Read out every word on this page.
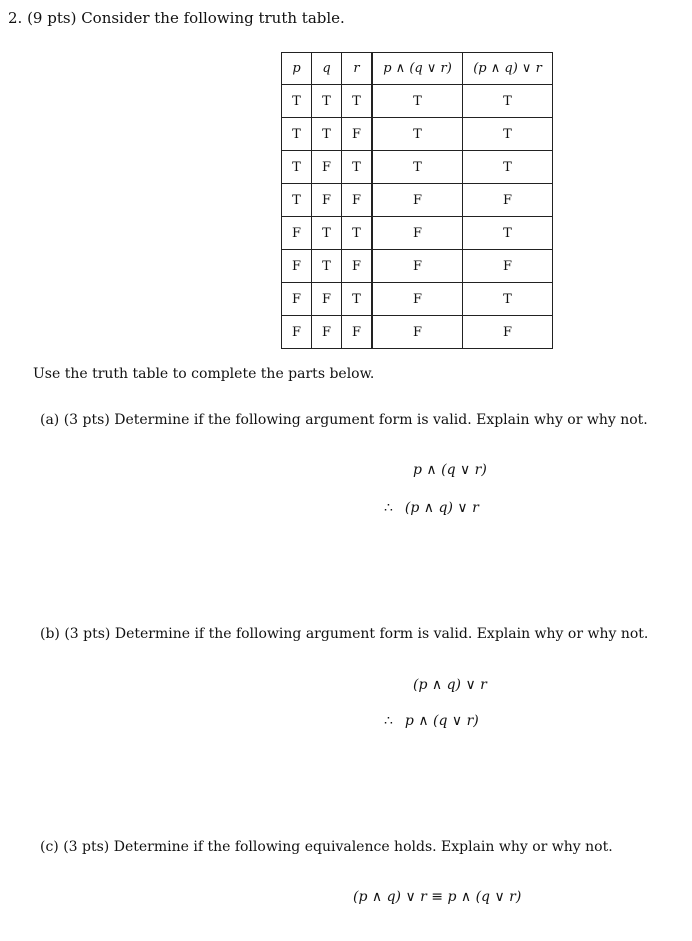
2. (9 pts) Consider the following truth table.
p	q	r	p ∧ (q ∨ r)	(p ∧ q) ∨ r
T	T	T	T	T
T	T	F	T	T
T	F	T	T	T
T	F	F	F	F
F	T	T	F	T
F	T	F	F	F
F	F	T	F	T
F	F	F	F	F
Use the truth table to complete the parts below.
(a) (3 pts) Determine if the following argument form is valid. Explain why or why not.
p ∧ (q ∨ r)
∴ (p ∧ q) ∨ r
(b) (3 pts) Determine if the following argument form is valid. Explain why or why not.
(p ∧ q) ∨ r
∴ p ∧ (q ∨ r)
(c) (3 pts) Determine if the following equivalence holds. Explain why or why not.
(p ∧ q) ∨ r ≡ p ∧ (q ∨ r)
